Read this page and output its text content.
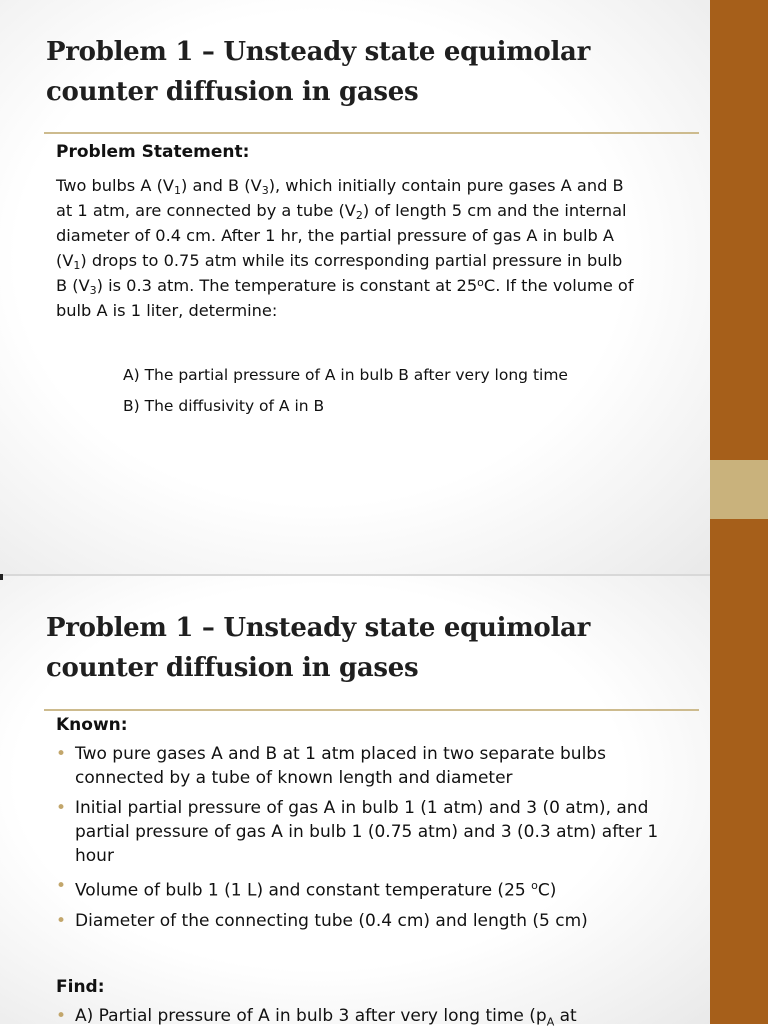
Problem 1 – Unsteady state equimolar
counter diffusion in gases

Problem Statement:

Two bulbs A $(V_1)$ and B $(V_3)$, which initially contain pure gases A and B
at 1 atm, are connected by a tube $(V_2)$ of length 5 cm and the internal
diameter of 0.4 cm. After 1 hr, the partial pressure of gas A in bulb A
$(V_1)$ drops to 0.75 atm while its corresponding partial pressure in bulb
B $(V_3)$ is 0.3 atm. The temperature is constant at 25$^o$C. If the volume of
bulb A is 1 liter, determine:

A) The partial pressure of A in bulb B after very long time

B) The diffusivity of A in B

Problem 1 – Unsteady state equimolar
counter diffusion in gases

Known:

• Two pure gases A and B at 1 atm placed in two separate bulbs connected by a tube of known length and diameter
• Initial partial pressure of gas A in bulb 1 (1 atm) and 3 (0 atm), and partial pressure of gas A in bulb 1 (0.75 atm) and 3 (0.3 atm) after 1 hour
• Volume of bulb 1 (1 L) and constant temperature (25 $^o$C)
• Diameter of the connecting tube (0.4 cm) and length (5 cm)

Find:

• A) Partial pressure of A in bulb 3 after very long time ($p_A$ at
